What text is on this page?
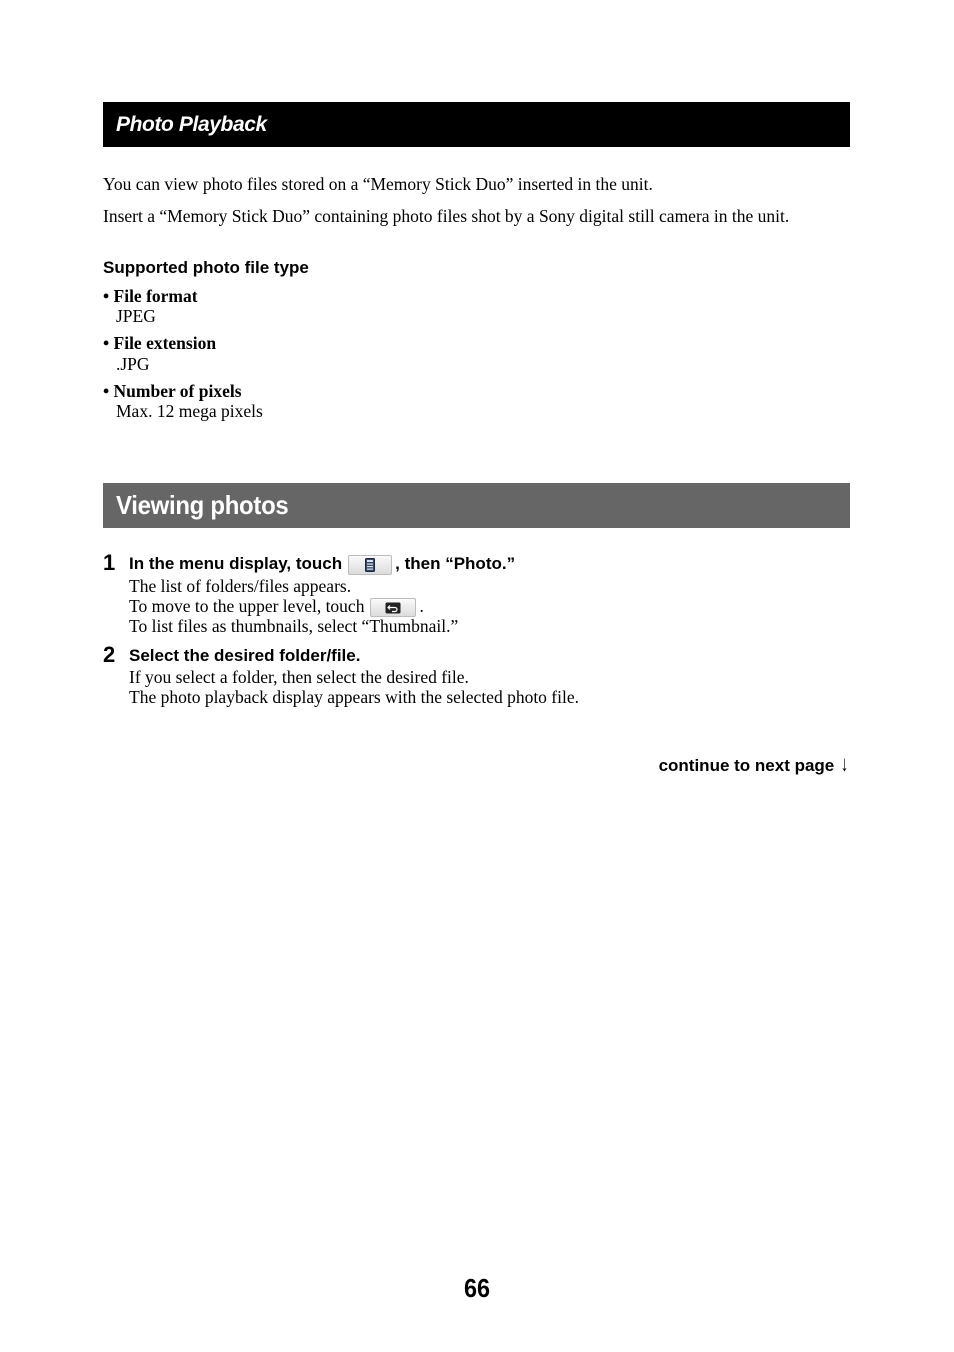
Photo Playback
You can view photo files stored on a “Memory Stick Duo” inserted in the unit.
Insert a “Memory Stick Duo” containing photo files shot by a Sony digital still camera in the unit.
Supported photo file type
• File format
JPEG
• File extension
.JPG
• Number of pixels
Max. 12 mega pixels
Viewing photos
1 In the menu display, touch	, then “Photo.”
The list of folders/files appears.
To move to the upper level, touch	.
To list files as thumbnails, select “Thumbnail.”
2 Select the desired folder/file.
If you select a folder, then select the desired file.
The photo playback display appears with the selected photo file.
continue to next page ↓
66
